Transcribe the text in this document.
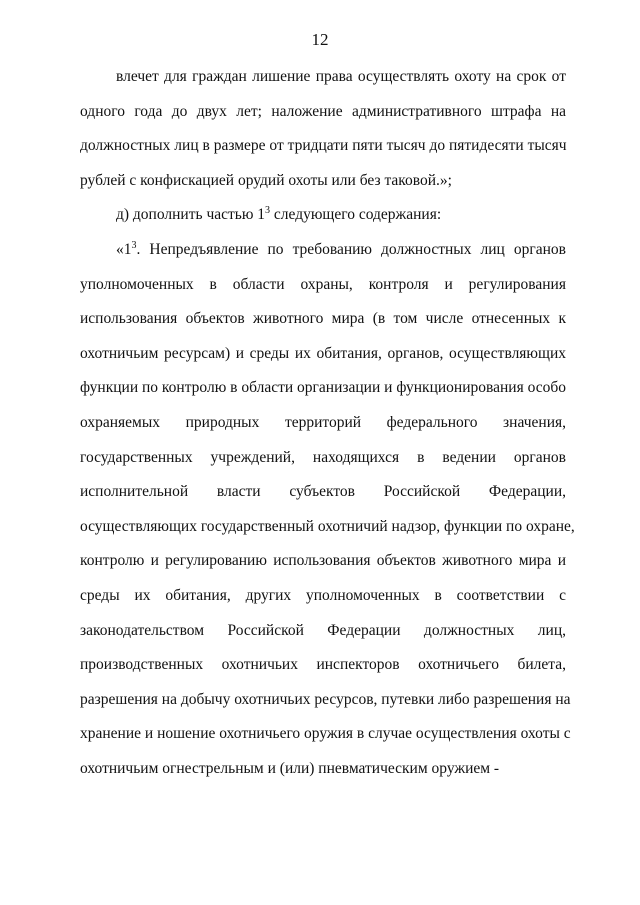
12
влечет для граждан лишение права осуществлять охоту на срок от
одного года до двух лет; наложение административного штрафа на
должностных лиц в размере от тридцати пяти тысяч до пятидесяти тысяч
рублей с конфискацией орудий охоты или без таковой.»;
д) дополнить частью $1^3$ следующего содержания:
«$1^3$. Непредъявление по требованию должностных лиц органов
уполномоченных в области охраны, контроля и регулирования
использования объектов животного мира (в том числе отнесенных к
охотничьим ресурсам) и среды их обитания, органов, осуществляющих
функции по контролю в области организации и функционирования особо
охраняемых природных территорий федерального значения,
государственных учреждений, находящихся в ведении органов
исполнительной власти субъектов Российской Федерации,
осуществляющих государственный охотничий надзор, функции по охране,
контролю и регулированию использования объектов животного мира и
среды их обитания, других уполномоченных в соответствии с
законодательством Российской Федерации должностных лиц,
производственных охотничьих инспекторов охотничьего билета,
разрешения на добычу охотничьих ресурсов, путевки либо разрешения на
хранение и ношение охотничьего оружия в случае осуществления охоты с
охотничьим огнестрельным и (или) пневматическим оружием -
